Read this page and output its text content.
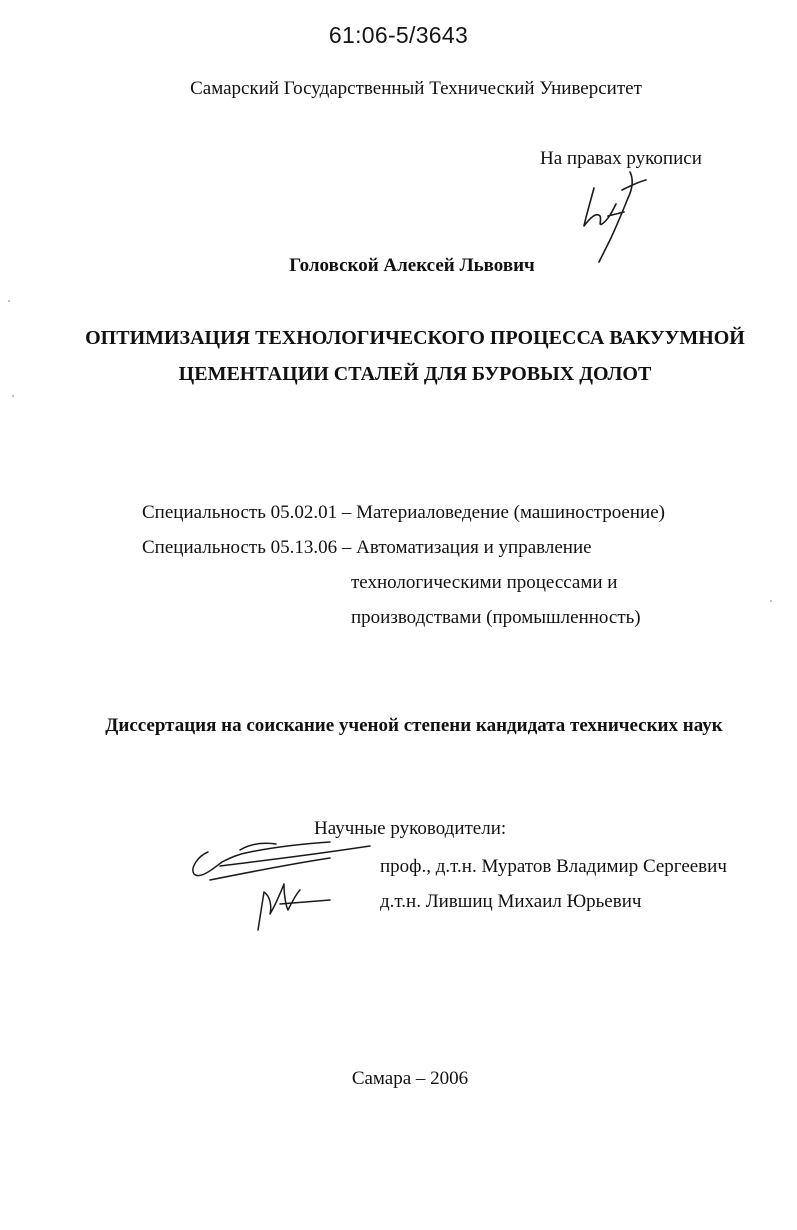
61:06-5/3643
Самарский Государственный Технический Университет
На правах рукописи
Головской Алексей Львович
ОПТИМИЗАЦИЯ ТЕХНОЛОГИЧЕСКОГО ПРОЦЕССА ВАКУУМНОЙ
ЦЕМЕНТАЦИИ СТАЛЕЙ ДЛЯ БУРОВЫХ ДОЛОТ
Специальность 05.02.01 – Материаловедение (машиностроение)
Специальность 05.13.06 – Автоматизация и управление
технологическими процессами и
производствами (промышленность)
Диссертация на соискание ученой степени кандидата технических наук
Научные руководители:
проф., д.т.н. Муратов Владимир Сергеевич
д.т.н. Лившиц Михаил Юрьевич
Самара – 2006
